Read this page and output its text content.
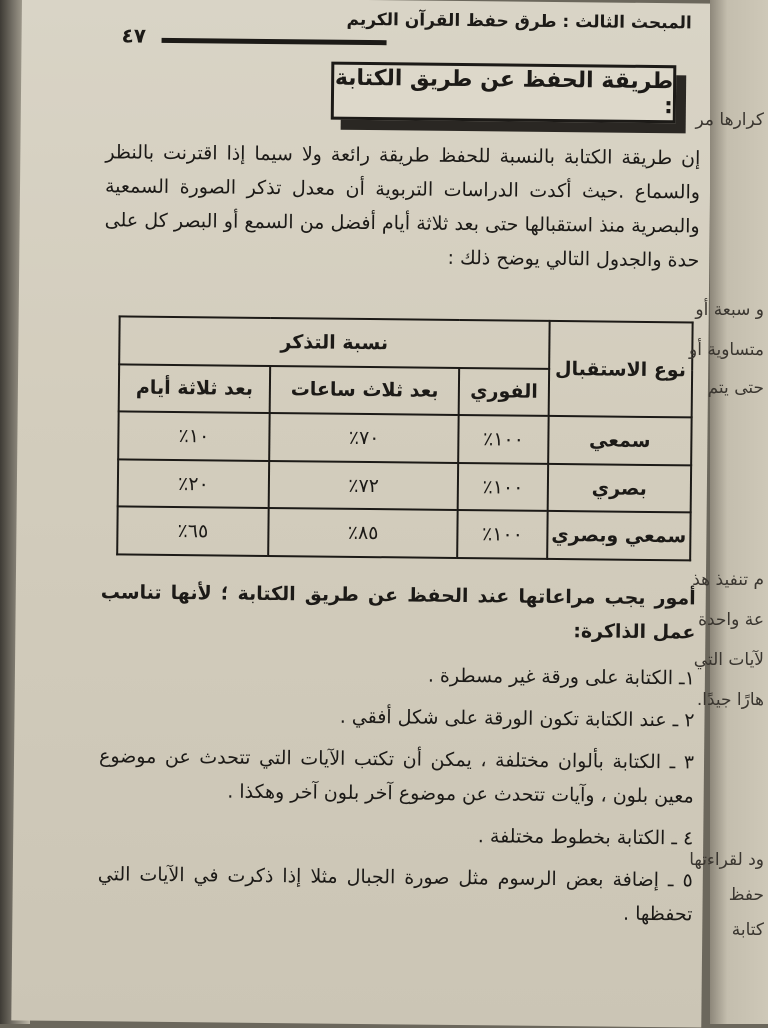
المبحث الثالث : طرق حفظ القرآن الكريم
٤٧
طريقة الحفظ عن طريق الكتابة :
إن طريقة الكتابة بالنسبة للحفظ طريقة رائعة ولا سيما إذا اقترنت بالنظر والسماع .حيث أكدت الدراسات التربوية أن معدل تذكر الصورة السمعية والبصرية منذ استقبالها حتى بعد ثلاثة أيام أفضل من السمع أو البصر كل على حدة والجدول التالي يوضح ذلك :
نوع الاستقبال	نسبة التذكر		
	الفوري	بعد ثلاث ساعات	بعد ثلاثة أيام
سمعي	١٠٠٪	٧٠٪	١٠٪
بصري	١٠٠٪	٧٢٪	٢٠٪
سمعي وبصري	١٠٠٪	٨٥٪	٦٥٪
أمور يجب مراعاتها عند الحفظ عن طريق الكتابة ؛ لأنها تناسب عمل الذاكرة:
١ـ الكتابة على ورقة غير مسطرة .
٢ ـ عند الكتابة تكون الورقة على شكل أفقي .
٣ ـ الكتابة بألوان مختلفة ، يمكن أن تكتب الآيات التي تتحدث عن موضوع معين بلون ، وآيات تتحدث عن موضوع آخر بلون آخر وهكذا .
٤ ـ الكتابة بخطوط مختلفة .
٥ ـ إضافة بعض الرسوم مثل صورة الجبال مثلا إذا ذكرت في الآيات التي تحفظها .
كرارها مر
و سبعة أو
متساوية أو
حتى يتم
م تنفيذ هذ
عة واحدة
لآيات التي
هارًا جيدًا.
ود لقراءتها
حفظ
كتابة
